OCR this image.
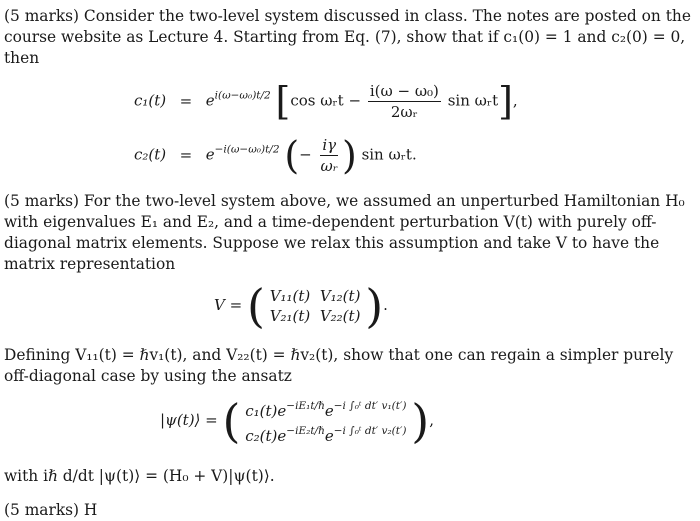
(5 marks) Consider the two-level system discussed in class. The notes are posted on the course website as Lecture 4. Starting from Eq. (7), show that if c₁(0) = 1 and c₂(0) = 0, then
$c_1(t) = e^{i(\omega-\omega_0)t/2}$ [cos ωᵣt − $\frac{\text{i(ω − ω₀)}}{\text{2ωᵣ}}$ sin ωᵣt],
$c_2(t) = e^{-i(\omega-\omega_0)t/2}$ (− $\frac{i\gamma}{\text{ωᵣ}}$ ) sin ωᵣt.
(5 marks) For the two-level system above, we assumed an unperturbed Hamiltonian H₀ with eigenvalues E₁ and E₂, and a time-dependent perturbation V(t) with purely off-diagonal matrix elements. Suppose we relax this assumption and take V to have the matrix representation
V = ( V₁₁(t) V₁₂(t)
V₂₁(t) V₂₂(t) ).
Defining V₁₁(t) = ℏv₁(t), and V₂₂(t) = ℏv₂(t), show that one can regain a simpler purely off-diagonal case by using the ansatz
|ψ(t)⟩ = ( $c_1(t)e^{-iE_1t/\hbar}e^{-i \int_0ᵗ dt' v_1(t')}$
$c_2(t)e^{-iE_2t/\hbar}e^{-i \int_0ᵗ dt' v_2(t')}$ ),
with iℏ d/dt |ψ(t)⟩ = (H₀ + V)|ψ(t)⟩.
(5 marks) H
